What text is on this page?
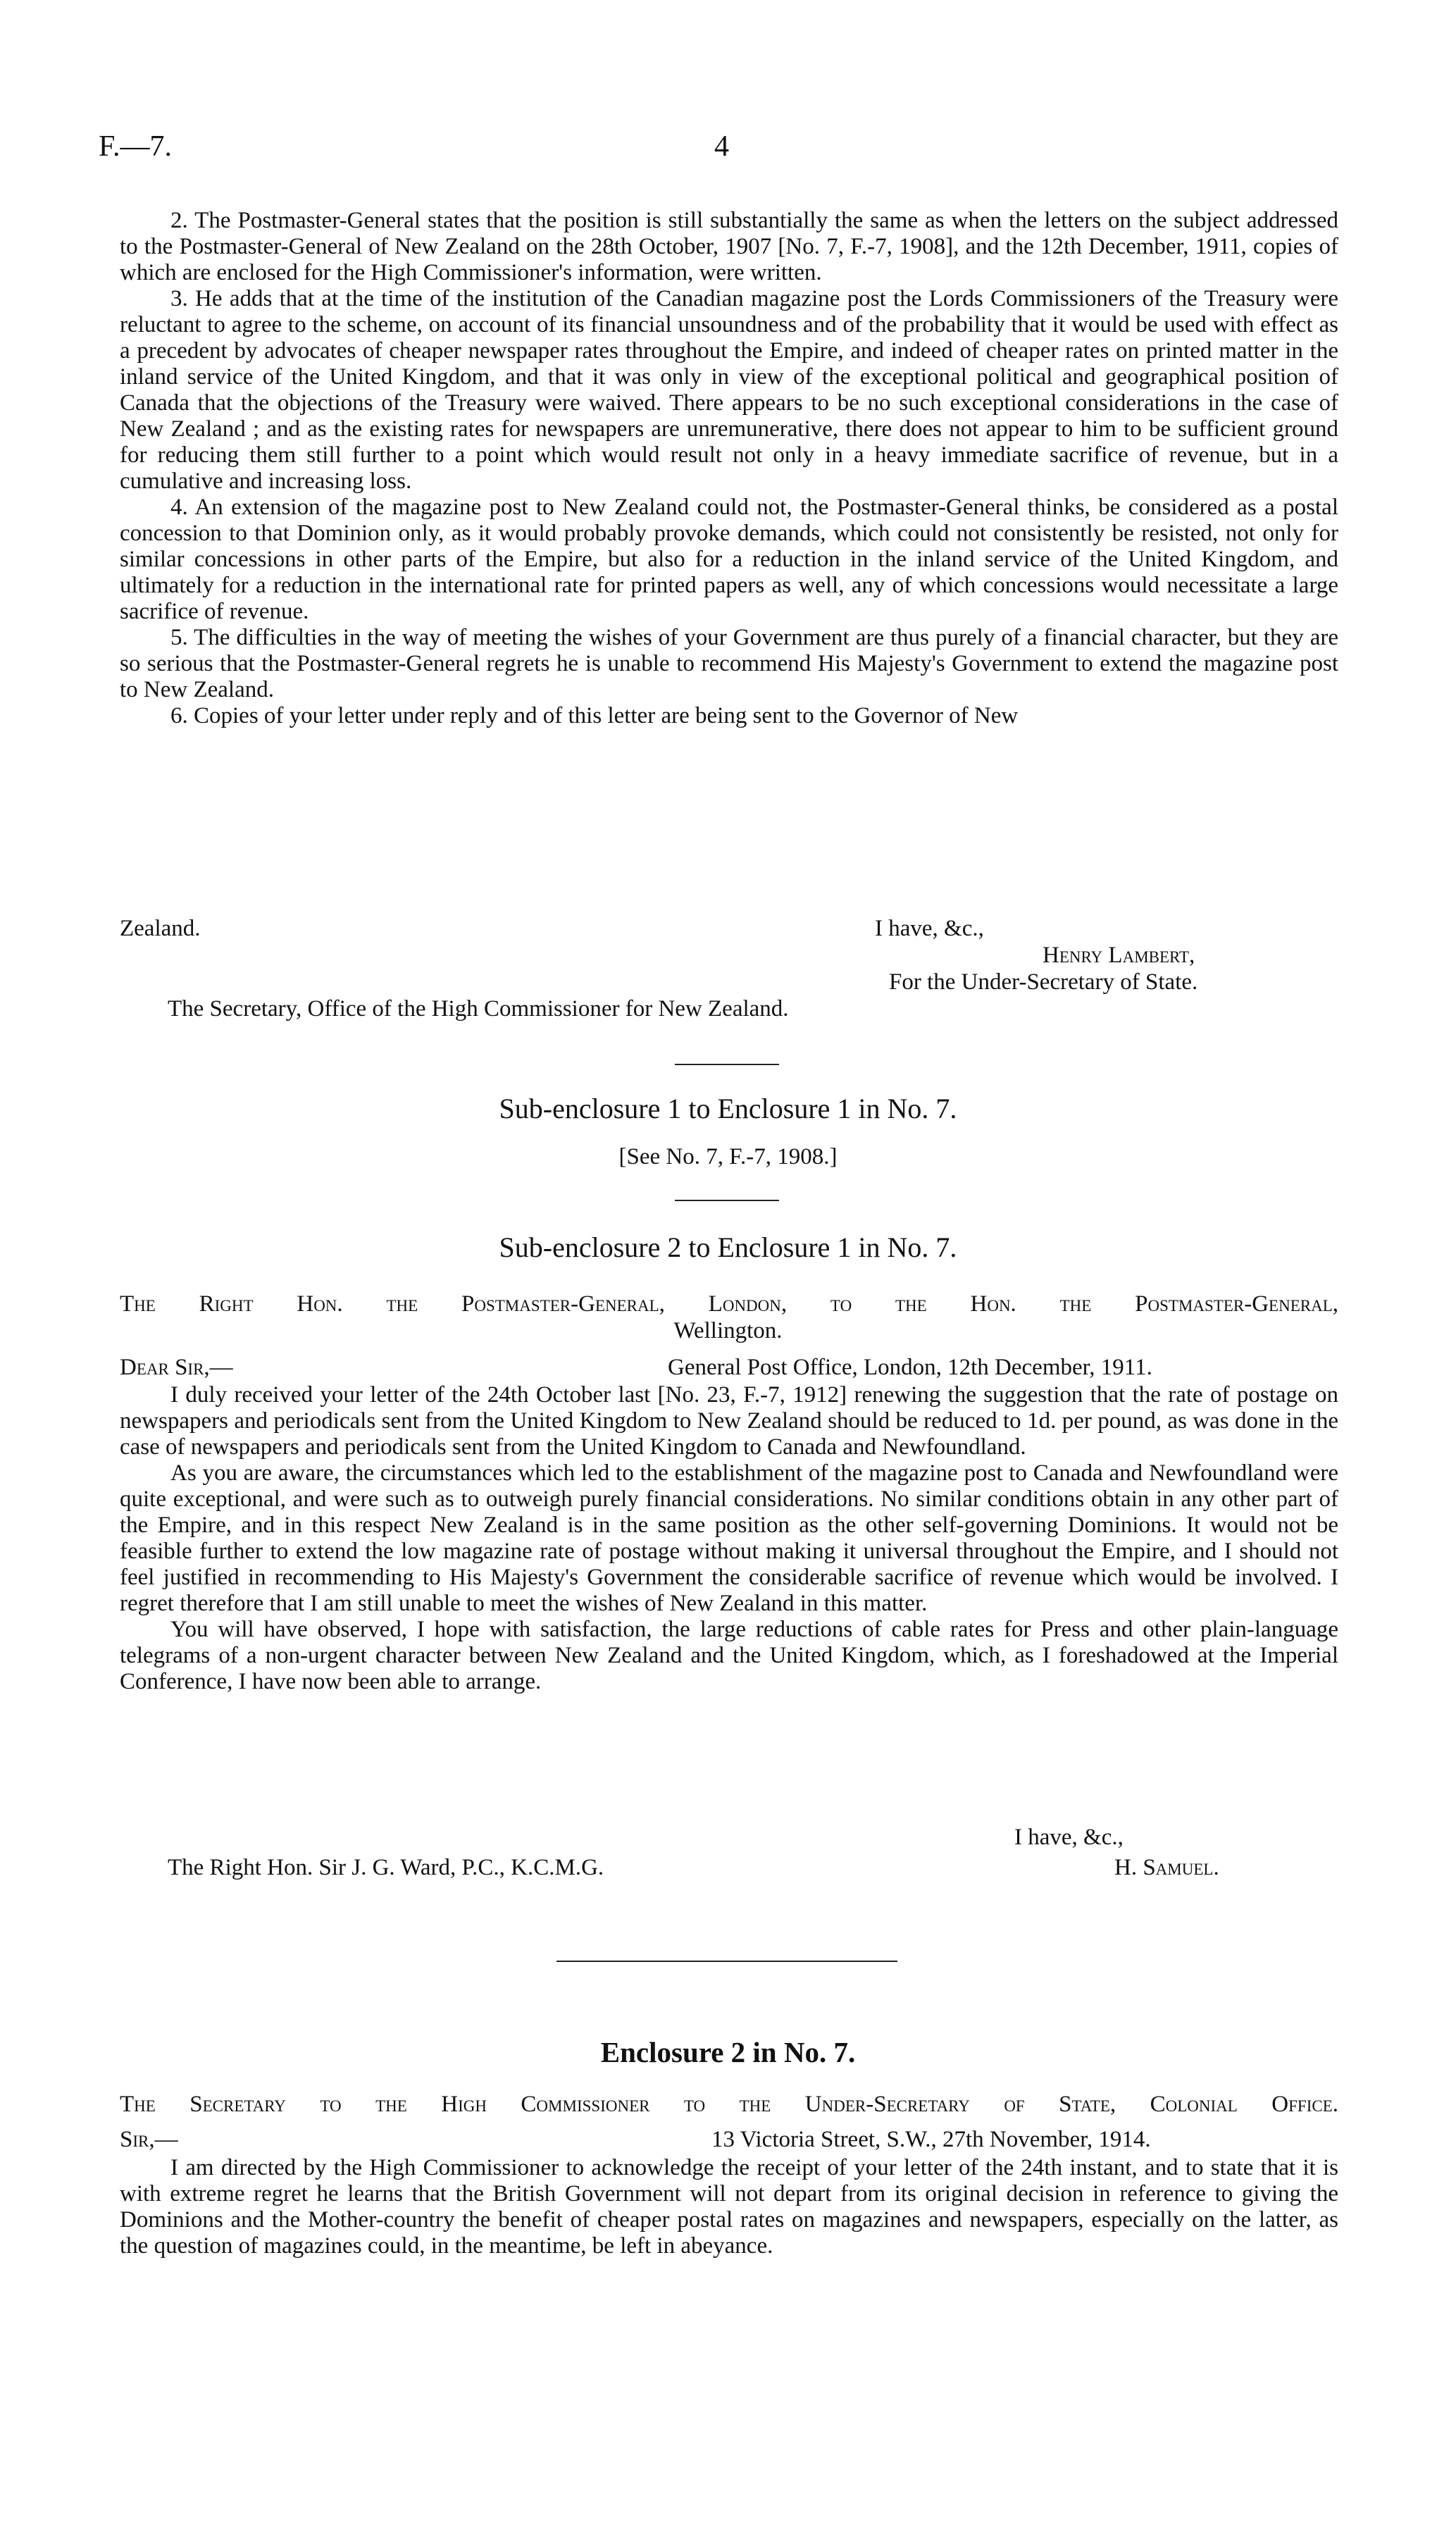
F.—7.	4

2. The Postmaster-General states that the position is still substantially the same as when the letters on the subject addressed to the Postmaster-General of New Zealand on the 28th October, 1907 [No. 7, F.-7, 1908], and the 12th December, 1911, copies of which are enclosed for the High Commissioner's information, were written.

3. He adds that at the time of the institution of the Canadian magazine post the Lords Commissioners of the Treasury were reluctant to agree to the scheme, on account of its financial unsoundness and of the probability that it would be used with effect as a precedent by advocates of cheaper newspaper rates throughout the Empire, and indeed of cheaper rates on printed matter in the inland service of the United Kingdom, and that it was only in view of the exceptional political and geographical position of Canada that the objections of the Treasury were waived. There appears to be no such exceptional considerations in the case of New Zealand ; and as the existing rates for newspapers are unremunerative, there does not appear to him to be sufficient ground for reducing them still further to a point which would result not only in a heavy immediate sacrifice of revenue, but in a cumulative and increasing loss.

4. An extension of the magazine post to New Zealand could not, the Postmaster-General thinks, be considered as a postal concession to that Dominion only, as it would probably provoke demands, which could not consistently be resisted, not only for similar concessions in other parts of the Empire, but also for a reduction in the inland service of the United Kingdom, and ultimately for a reduction in the international rate for printed papers as well, any of which concessions would necessitate a large sacrifice of revenue.

5. The difficulties in the way of meeting the wishes of your Government are thus purely of a financial character, but they are so serious that the Postmaster-General regrets he is unable to recommend His Majesty's Government to extend the magazine post to New Zealand.

6. Copies of your letter under reply and of this letter are being sent to the Governor of New

Zealand.	I have, &c.,
Henry Lambert,
For the Under-Secretary of State.
The Secretary, Office of the High Commissioner for New Zealand.
Sub-enclosure 1 to Enclosure 1 in No. 7.
[See No. 7, F.-7, 1908.]
Sub-enclosure 2 to Enclosure 1 in No. 7.
The Right Hon. the Postmaster-General, London, to the Hon. the Postmaster-General,
Wellington.
Dear Sir,—	General Post Office, London, 12th December, 1911.

I duly received your letter of the 24th October last [No. 23, F.-7, 1912] renewing the suggestion that the rate of postage on newspapers and periodicals sent from the United Kingdom to New Zealand should be reduced to 1d. per pound, as was done in the case of newspapers and periodicals sent from the United Kingdom to Canada and Newfoundland.

As you are aware, the circumstances which led to the establishment of the magazine post to Canada and Newfoundland were quite exceptional, and were such as to outweigh purely financial considerations. No similar conditions obtain in any other part of the Empire, and in this respect New Zealand is in the same position as the other self-governing Dominions. It would not be feasible further to extend the low magazine rate of postage without making it universal throughout the Empire, and I should not feel justified in recommending to His Majesty's Government the considerable sacrifice of revenue which would be involved. I regret therefore that I am still unable to meet the wishes of New Zealand in this matter.

You will have observed, I hope with satisfaction, the large reductions of cable rates for Press and other plain-language telegrams of a non-urgent character between New Zealand and the United Kingdom, which, as I foreshadowed at the Imperial Conference, I have now been able to arrange.

I have, &c.,
The Right Hon. Sir J. G. Ward, P.C., K.C.M.G.	H. Samuel.
Enclosure 2 in No. 7.
The Secretary to the High Commissioner to the Under-Secretary of State, Colonial Office.
Sir,—	13 Victoria Street, S.W., 27th November, 1914.

I am directed by the High Commissioner to acknowledge the receipt of your letter of the 24th instant, and to state that it is with extreme regret he learns that the British Government will not depart from its original decision in reference to giving the Dominions and the Mother-country the benefit of cheaper postal rates on magazines and newspapers, especially on the latter, as the question of magazines could, in the meantime, be left in abeyance.
